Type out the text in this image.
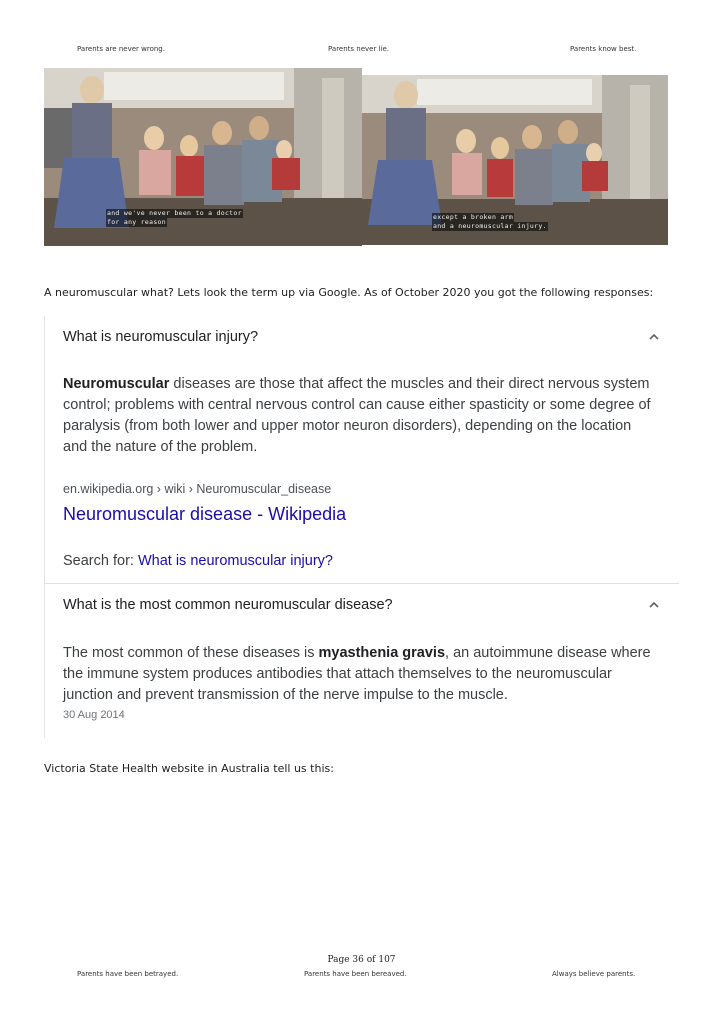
Parents are never wrong.	Parents never lie.	Parents know best.
and we've never been to a doctor
for any reason
except a broken arm
and a neuromuscular injury.
A neuromuscular what? Lets look the term up via Google. As of October 2020 you got the following responses:
What is neuromuscular injury?
Neuromuscular diseases are those that affect the muscles and their direct nervous system control; problems with central nervous control can cause either spasticity or some degree of paralysis (from both lower and upper motor neuron disorders), depending on the location and the nature of the problem.
en.wikipedia.org › wiki › Neuromuscular_disease
Neuromuscular disease - Wikipedia
Search for: What is neuromuscular injury?
What is the most common neuromuscular disease?
The most common of these diseases is myasthenia gravis, an autoimmune disease where the immune system produces antibodies that attach themselves to the neuromuscular junction and prevent transmission of the nerve impulse to the muscle.
30 Aug 2014
Victoria State Health website in Australia tell us this:
Page 36 of 107
Parents have been betrayed.	Parents have been bereaved.	Always believe parents.
